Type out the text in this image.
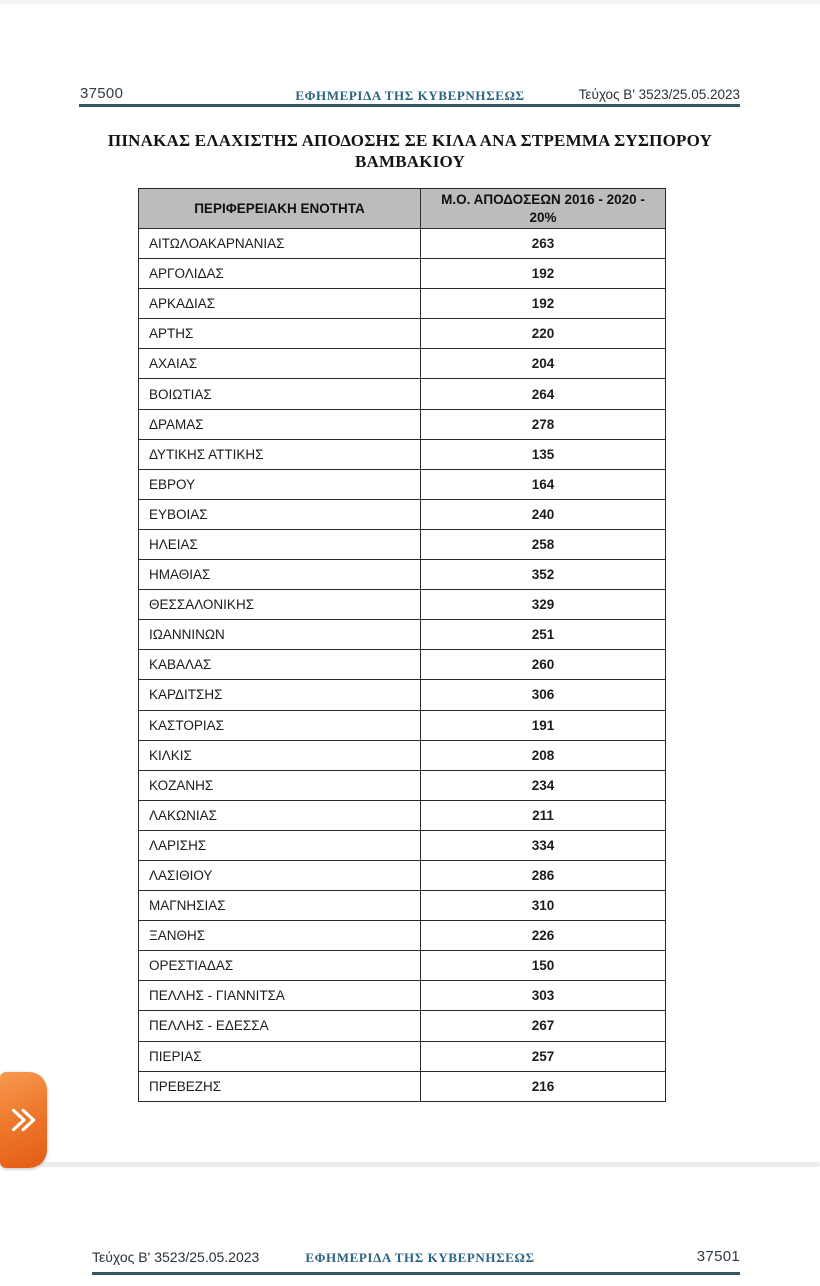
37500	ΕΦΗΜΕΡΙΔΑ ΤΗΣ ΚΥΒΕΡΝΗΣΕΩΣ	Τεύχος Β' 3523/25.05.2023
ΠΙΝΑΚΑΣ ΕΛΑΧΙΣΤΗΣ ΑΠΟΔΟΣΗΣ ΣΕ ΚΙΛΑ ΑΝΑ ΣΤΡΕΜΜΑ ΣΥΣΠΟΡΟΥ
ΒΑΜΒΑΚΙΟΥ
ΠΕΡΙΦΕΡΕΙΑΚΗ ΕΝΟΤΗΤΑ	Μ.Ο. ΑΠΟΔΟΣΕΩΝ 2016 - 2020 -
20%

ΑΙΤΩΛΟΑΚΑΡΝΑΝΙΑΣ	263
ΑΡΓΟΛΙΔΑΣ	192
ΑΡΚΑΔΙΑΣ	192
ΑΡΤΗΣ	220
ΑΧΑΙΑΣ	204
ΒΟΙΩΤΙΑΣ	264
ΔΡΑΜΑΣ	278
ΔΥΤΙΚΗΣ ΑΤΤΙΚΗΣ	135
ΕΒΡΟΥ	164
ΕΥΒΟΙΑΣ	240
ΗΛΕΙΑΣ	258
ΗΜΑΘΙΑΣ	352
ΘΕΣΣΑΛΟΝΙΚΗΣ	329
ΙΩΑΝΝΙΝΩΝ	251
ΚΑΒΑΛΑΣ	260
ΚΑΡΔΙΤΣΗΣ	306
ΚΑΣΤΟΡΙΑΣ	191
ΚΙΛΚΙΣ	208
ΚΟΖΑΝΗΣ	234
ΛΑΚΩΝΙΑΣ	211
ΛΑΡΙΣΗΣ	334
ΛΑΣΙΘΙΟΥ	286
ΜΑΓΝΗΣΙΑΣ	310
ΞΑΝΘΗΣ	226
ΟΡΕΣΤΙΑΔΑΣ	150
ΠΕΛΛΗΣ - ΓΙΑΝΝΙΤΣΑ	303
ΠΕΛΛΗΣ - ΕΔΕΣΣΑ	267
ΠΙΕΡΙΑΣ	257
ΠΡΕΒΕΖΗΣ	216
Τεύχος Β' 3523/25.05.2023	ΕΦΗΜΕΡΙΔΑ ΤΗΣ ΚΥΒΕΡΝΗΣΕΩΣ	37501
